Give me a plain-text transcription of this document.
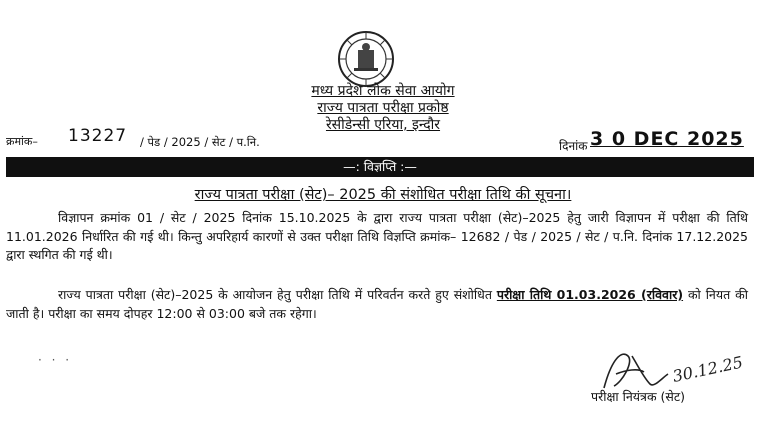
मध्य प्रदेश लोक सेवा आयोग
राज्य पात्रता परीक्षा प्रकोष्ठ
रेसीडेन्सी एरिया, इन्दौर
क्रमांक– 13227 / पेड / 2025 / सेट / प.नि.	दिनांक 3 0 DEC 2025
—: विज्ञप्ति :—
राज्य पात्रता परीक्षा (सेट)– 2025 की संशोधित परीक्षा तिथि की सूचना।

विज्ञापन क्रमांक 01 / सेट / 2025 दिनांक 15.10.2025 के द्वारा राज्य पात्रता परीक्षा (सेट)–2025 हेतु जारी विज्ञापन में परीक्षा की तिथि 11.01.2026 निर्धारित की गई थी। किन्तु अपरिहार्य कारणों से उक्त परीक्षा तिथि विज्ञप्ति क्रमांक– 12682 / पेड / 2025 / सेट / प.नि. दिनांक 17.12.2025 द्वारा स्थगित की गई थी।

राज्य पात्रता परीक्षा (सेट)–2025 के आयोजन हेतु परीक्षा तिथि में परिवर्तन करते हुए संशोधित परीक्षा तिथि 01.03.2026 (रविवार) को नियत की जाती है। परीक्षा का समय दोपहर 12:00 से 03:00 बजे तक रहेगा।

· · ·	30.12.25
परीक्षा नियंत्रक (सेट)
